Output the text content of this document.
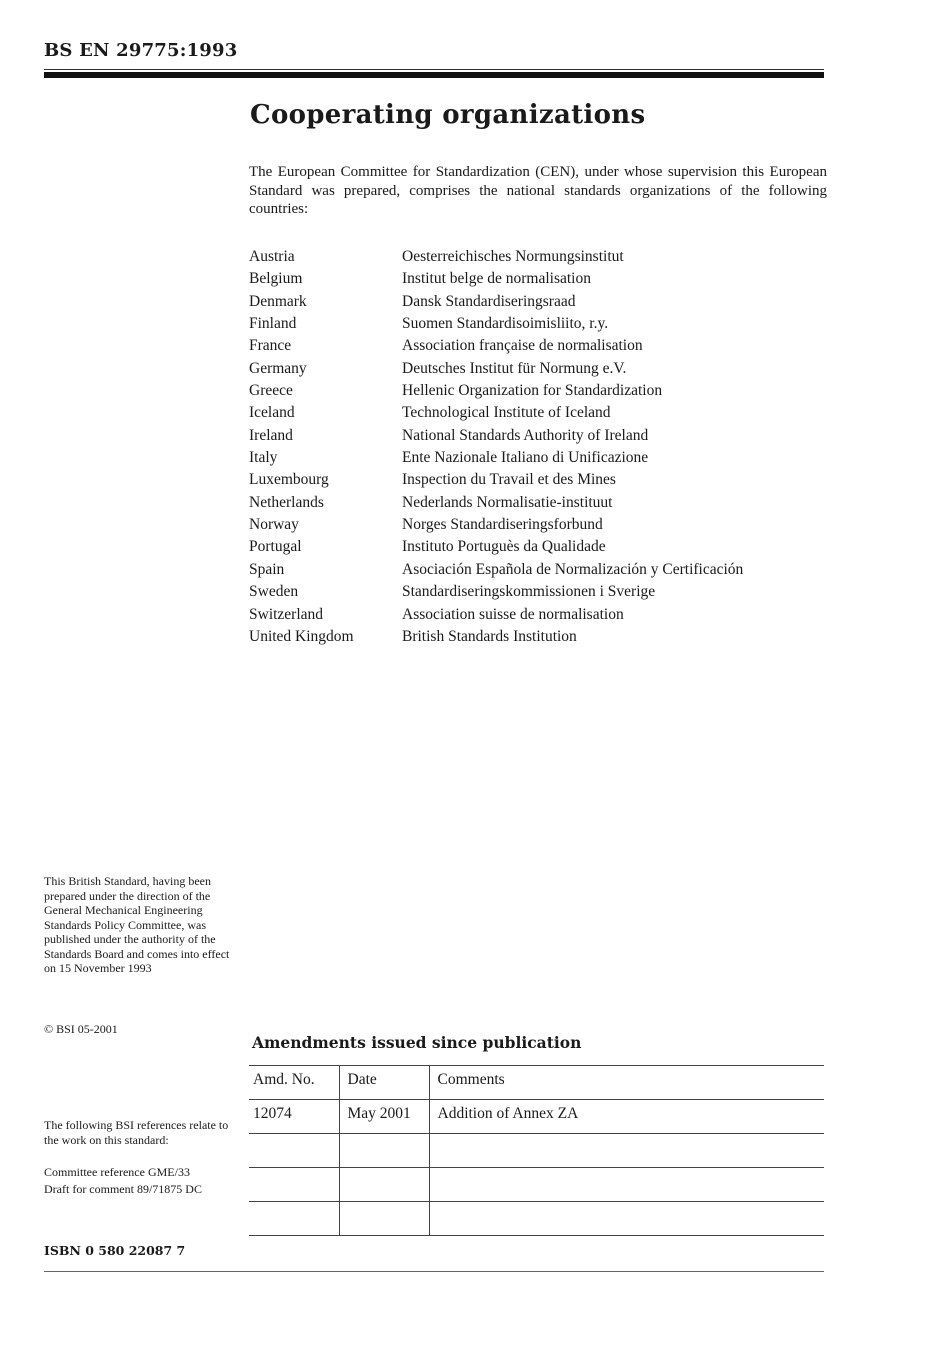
BS EN 29775:1993
Cooperating organizations
The European Committee for Standardization (CEN), under whose supervision this European Standard was prepared, comprises the national standards organizations of the following countries:
Austria	Oesterreichisches Normungsinstitut
Belgium	Institut belge de normalisation
Denmark	Dansk Standardiseringsraad
Finland	Suomen Standardisoimisliito, r.y.
France	Association française de normalisation
Germany	Deutsches Institut für Normung e.V.
Greece	Hellenic Organization for Standardization
Iceland	Technological Institute of Iceland
Ireland	National Standards Authority of Ireland
Italy	Ente Nazionale Italiano di Unificazione
Luxembourg	Inspection du Travail et des Mines
Netherlands	Nederlands Normalisatie-instituut
Norway	Norges Standardiseringsforbund
Portugal	Instituto Portuguès da Qualidade
Spain	Asociación Española de Normalización y Certificación
Sweden	Standardiseringskommissionen i Sverige
Switzerland	Association suisse de normalisation
United Kingdom	British Standards Institution
This British Standard, having been prepared under the direction of the General Mechanical Engineering Standards Policy Committee, was published under the authority of the Standards Board and comes into effect on 15 November 1993
© BSI 05-2001
The following BSI references relate to the work on this standard:
Committee reference GME/33
Draft for comment 89/71875 DC
ISBN 0 580 22087 7
Amendments issued since publication
Amd. No.	Date	Comments
12074	May 2001	Addition of Annex ZA
